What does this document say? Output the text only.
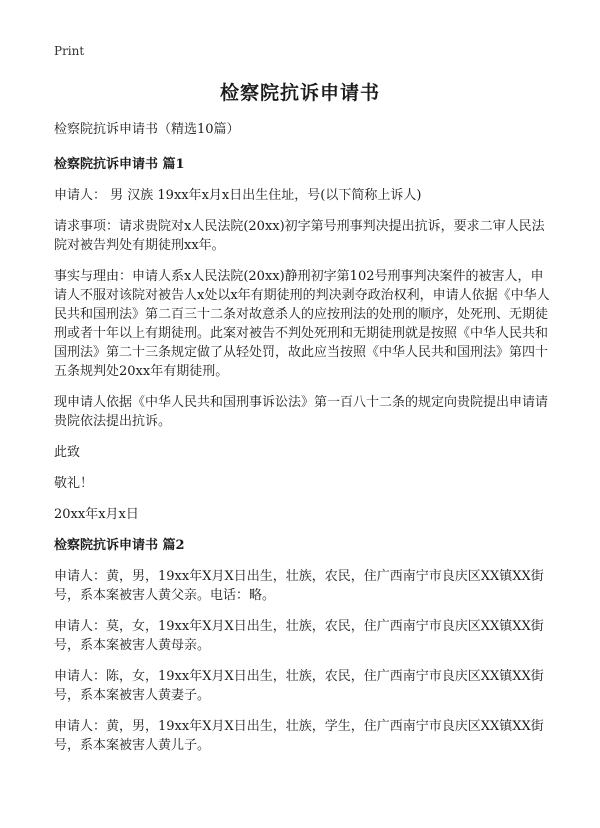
Print
检察院抗诉申请书

检察院抗诉申请书（精选10篇）

检察院抗诉申请书 篇1

申请人： 男 汉族 19xx年x月x日出生住址，号(以下简称上诉人)

请求事项：请求贵院对x人民法院(20xx)初字第号刑事判决提出抗诉，要求二审人民法院对被告判处有期徒刑xx年。

事实与理由：申请人系x人民法院(20xx)静刑初字第102号刑事判决案件的被害人，申请人不服对该院对被告人x处以x年有期徒刑的判决剥夺政治权利，申请人依据《中华人民共和国刑法》第二百三十二条对故意杀人的应按刑法的处刑的顺序，处死刑、无期徒刑或者十年以上有期徒刑。此案对被告不判处死刑和无期徒刑就是按照《中华人民共和国刑法》第二十三条规定做了从轻处罚，故此应当按照《中华人民共和国刑法》第四十五条规判处20xx年有期徒刑。

现申请人依据《中华人民共和国刑事诉讼法》第一百八十二条的规定向贵院提出申请请贵院依法提出抗诉。

此致

敬礼！

20xx年x月x日

检察院抗诉申请书 篇2

申请人：黄，男，19xx年X月X日出生，壮族，农民，住广西南宁市良庆区XX镇XX街号，系本案被害人黄父亲。电话：略。

申请人：莫，女，19xx年X月X日出生，壮族，农民，住广西南宁市良庆区XX镇XX街号，系本案被害人黄母亲。

申请人：陈，女，19xx年X月X日出生，壮族，农民，住广西南宁市良庆区XX镇XX街号，系本案被害人黄妻子。

申请人：黄，男，19xx年X月X日出生，壮族，学生，住广西南宁市良庆区XX镇XX街号，系本案被害人黄儿子。
